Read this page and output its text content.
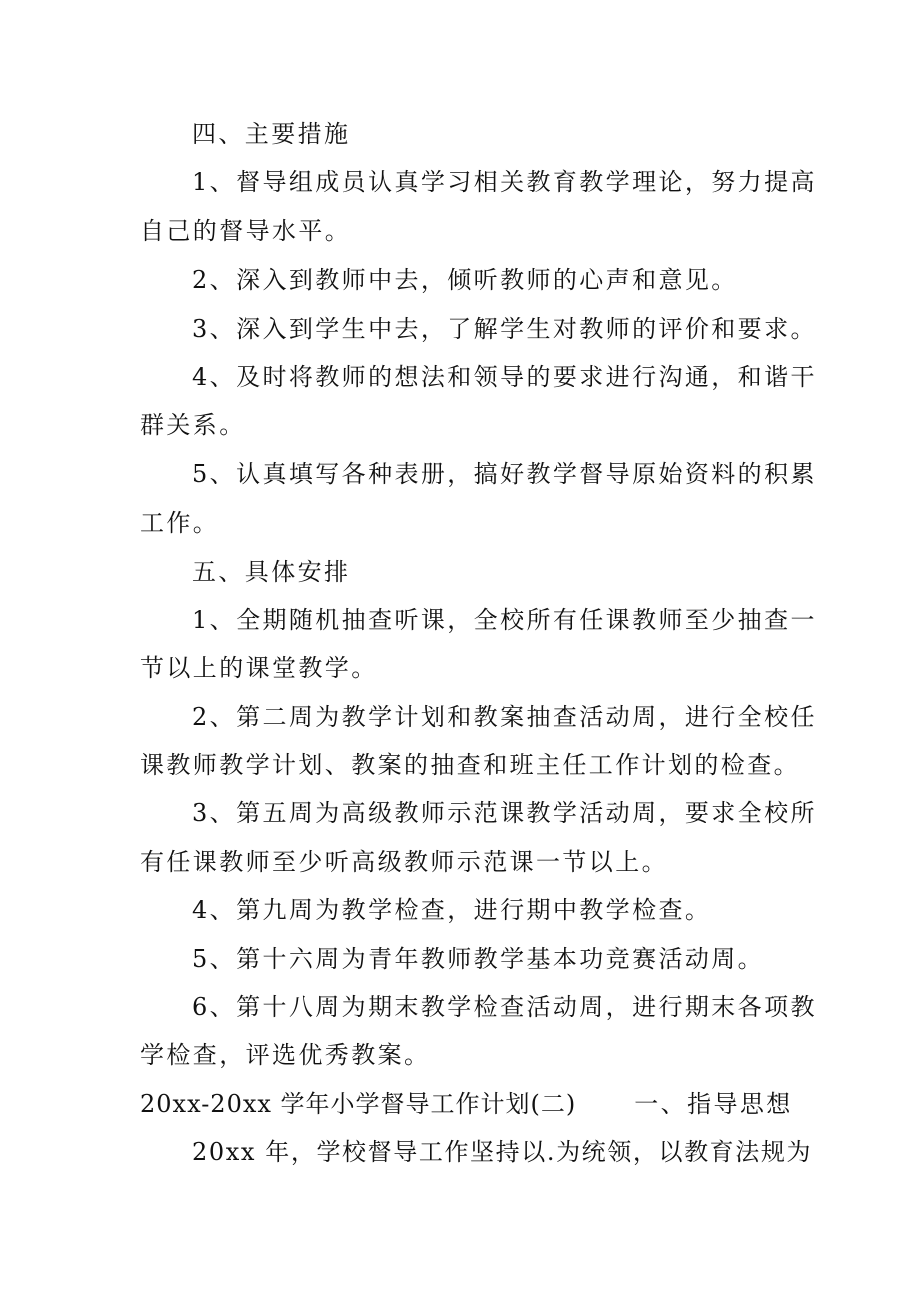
四、主要措施
1、督导组成员认真学习相关教育教学理论，努力提高
自己的督导水平。
2、深入到教师中去，倾听教师的心声和意见。
3、深入到学生中去，了解学生对教师的评价和要求。
4、及时将教师的想法和领导的要求进行沟通，和谐干
群关系。
5、认真填写各种表册，搞好教学督导原始资料的积累
工作。
五、具体安排
1、全期随机抽查听课，全校所有任课教师至少抽查一
节以上的课堂教学。
2、第二周为教学计划和教案抽查活动周，进行全校任
课教师教学计划、教案的抽查和班主任工作计划的检查。
3、第五周为高级教师示范课教学活动周，要求全校所
有任课教师至少听高级教师示范课一节以上。
4、第九周为教学检查，进行期中教学检查。
5、第十六周为青年教师教学基本功竞赛活动周。
6、第十八周为期末教学检查活动周，进行期末各项教
学检查，评选优秀教案。
20xx-20xx 学年小学督导工作计划(二) 一、指导思想
20xx 年，学校督导工作坚持以.为统领，以教育法规为
